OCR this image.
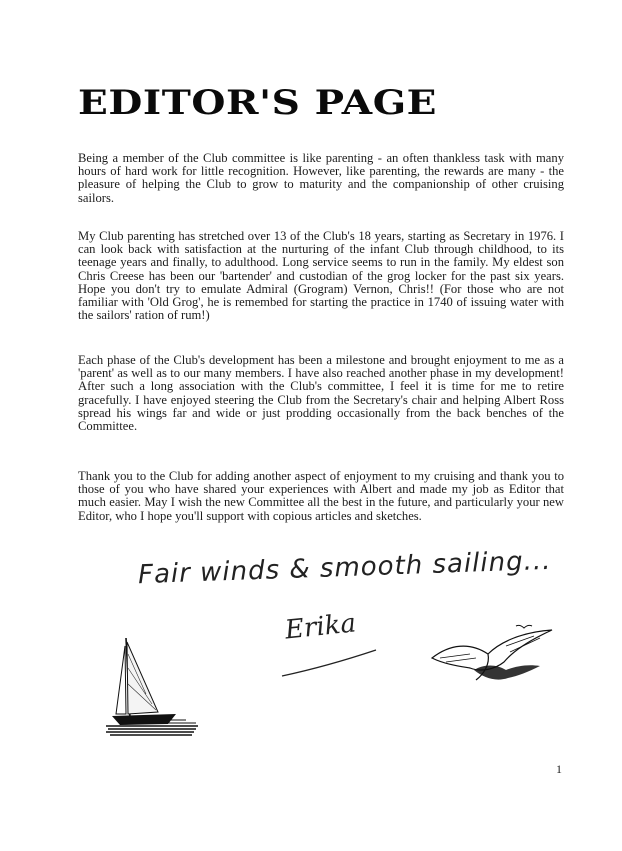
EDITOR'S PAGE

Being a member of the Club committee is like parenting - an often thankless task with many hours of hard work for little recognition. However, like parenting, the rewards are many - the pleasure of helping the Club to grow to maturity and the companionship of other cruising sailors.

My Club parenting has stretched over 13 of the Club's 18 years, starting as Secretary in 1976. I can look back with satisfaction at the nurturing of the infant Club through childhood, to its teenage years and finally, to adulthood. Long service seems to run in the family. My eldest son Chris Creese has been our 'bartender' and custodian of the grog locker for the past six years. Hope you don't try to emulate Admiral (Grogram) Vernon, Chris!! (For those who are not familiar with 'Old Grog', he is remembed for starting the practice in 1740 of issuing water with the sailors' ration of rum!)

Each phase of the Club's development has been a milestone and brought enjoyment to me as a 'parent' as well as to our many members. I have also reached another phase in my development! After such a long association with the Club's committee, I feel it is time for me to retire gracefully. I have enjoyed steering the Club from the Secretary's chair and helping Albert Ross spread his wings far and wide or just prodding occasionally from the back benches of the Committee.

Thank you to the Club for adding another aspect of enjoyment to my cruising and thank you to those of you who have shared your experiences with Albert and made my job as Editor that much easier. May I wish the new Committee all the best in the future, and particularly your new Editor, who I hope you'll support with copious articles and sketches.

Fair winds & smooth sailing...
Erika
1
